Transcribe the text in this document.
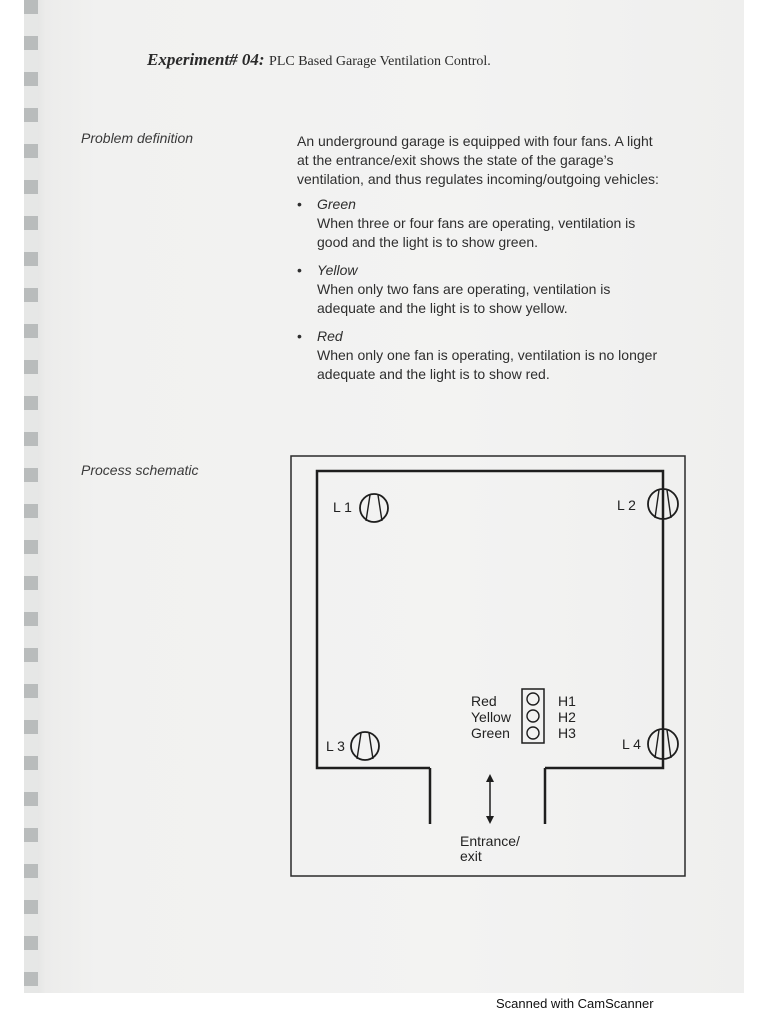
Experiment# 04: PLC Based Garage Ventilation Control.
Problem definition	An underground garage is equipped with four fans. A light
at the entrance/exit shows the state of the garage’s
ventilation, and thus regulates incoming/outgoing vehicles:
• Green
When three or four fans are operating, ventilation is
good and the light is to show green.
• Yellow
When only two fans are operating, ventilation is
adequate and the light is to show yellow.
• Red
When only one fan is operating, ventilation is no longer
adequate and the light is to show red.
Process schematic
L 1	L 2
L 3	L 4
Red
Yellow
Green
H1
H2
H3
Entrance/
exit
Scanned with CamScanner
